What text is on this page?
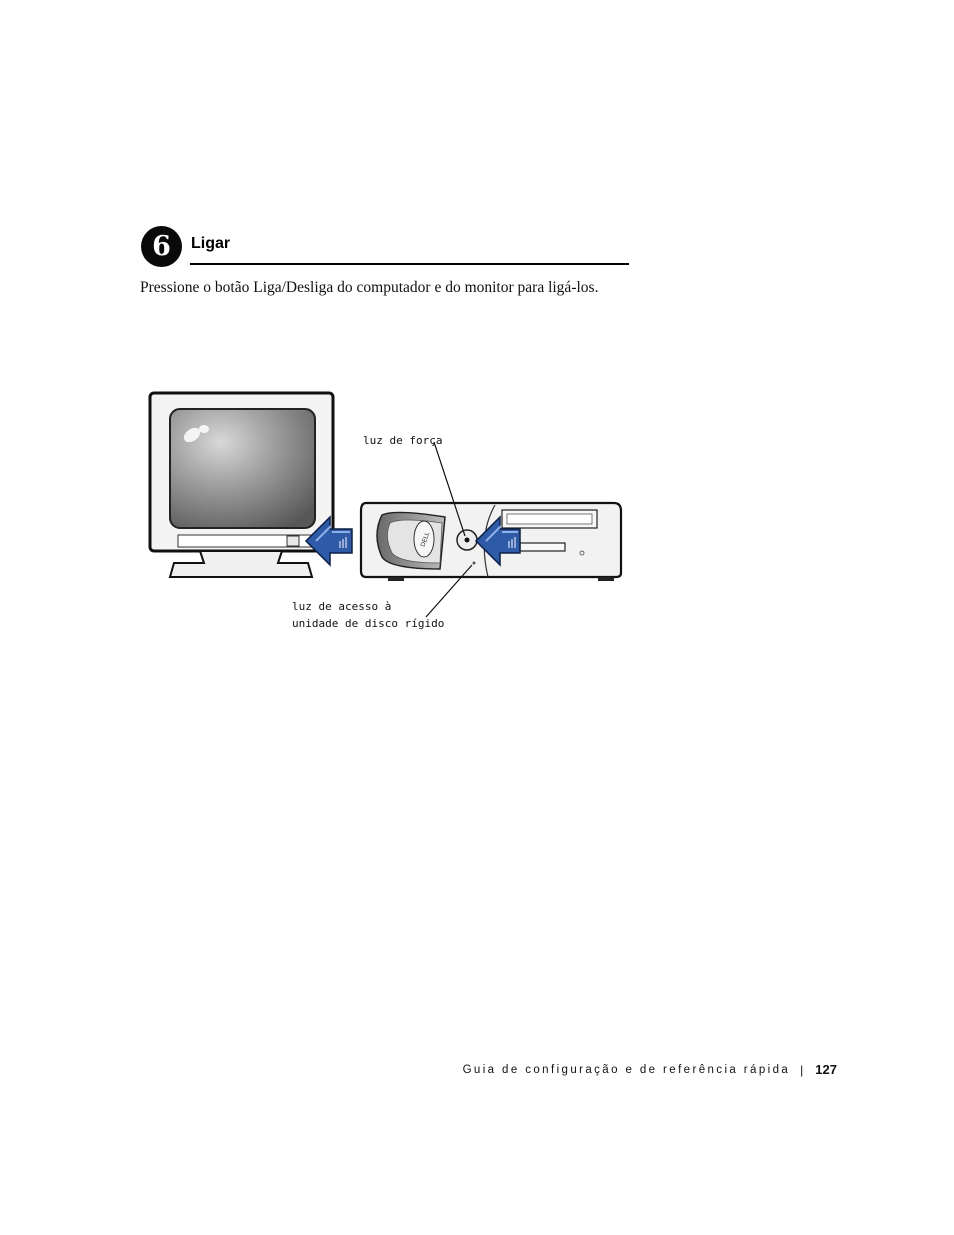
6 Ligar
Pressione o botão Liga/Desliga do computador e do monitor para ligá-los.
DELL
luz de força
luz de acesso à
unidade de disco rígido
Guia de configuração e de referência rápida | 127
